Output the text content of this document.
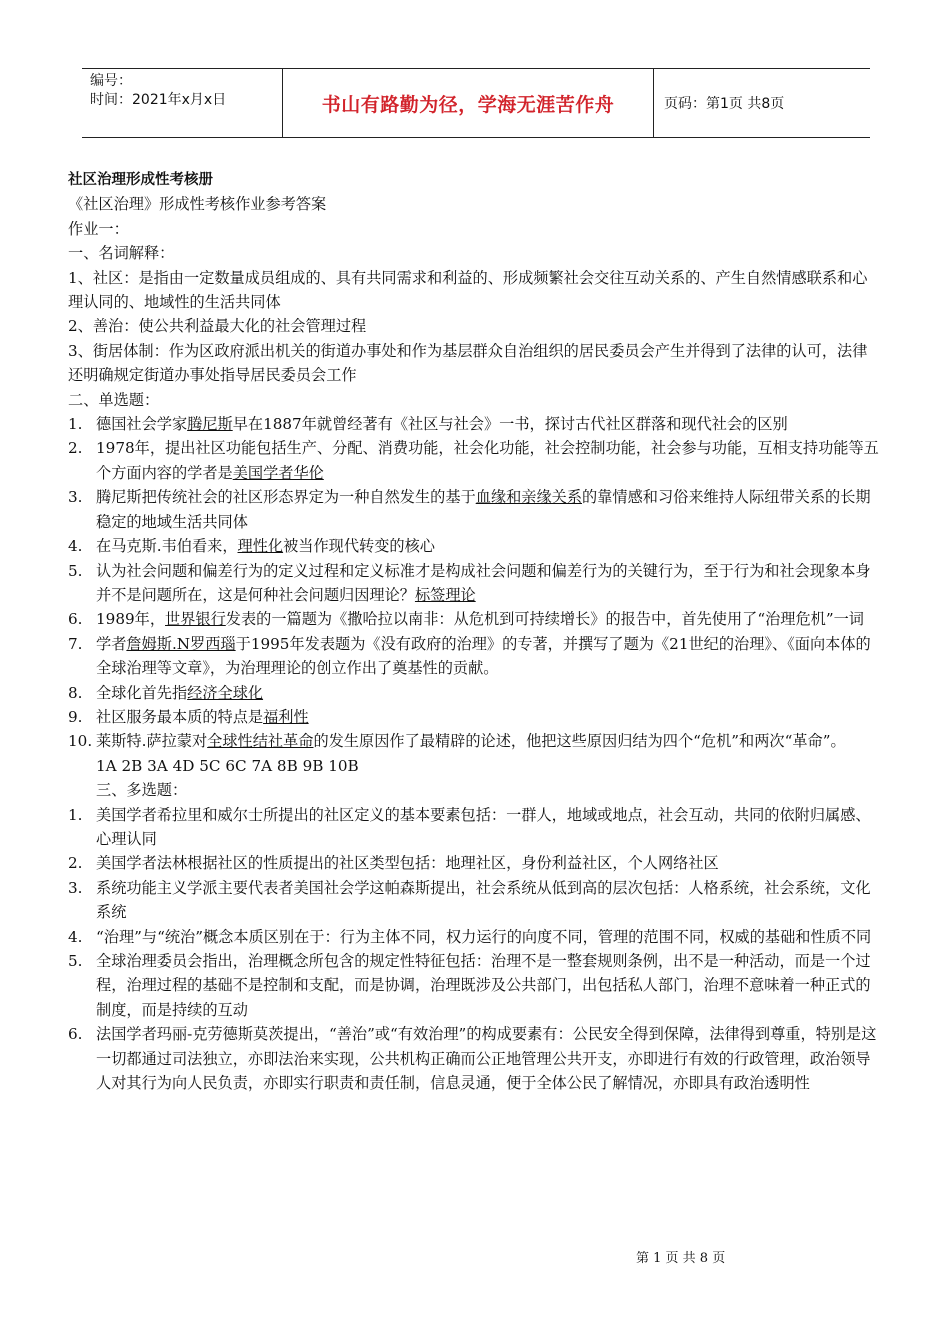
编号：
时间：2021年x月x日	书山有路勤为径，学海无涯苦作舟	页码：第1页 共8页

社区治理形成性考核册

《社区治理》形成性考核作业参考答案

作业一：

一、名词解释：

1、社区：是指由一定数量成员组成的、具有共同需求和利益的、形成频繁社会交往互动关系的、产生自然情感联系和心理认同的、地域性的生活共同体

2、善治：使公共利益最大化的社会管理过程

3、街居体制：作为区政府派出机关的街道办事处和作为基层群众自治组织的居民委员会产生并得到了法律的认可，法律还明确规定街道办事处指导居民委员会工作

二、单选题：

1. 德国社会学家腾尼斯早在1887年就曾经著有《社区与社会》一书，探讨古代社区群落和现代社会的区别
2. 1978年，提出社区功能包括生产、分配、消费功能，社会化功能，社会控制功能，社会参与功能，互相支持功能等五个方面内容的学者是美国学者华伦
3. 腾尼斯把传统社会的社区形态界定为一种自然发生的基于血缘和亲缘关系的靠情感和习俗来维持人际纽带关系的长期稳定的地域生活共同体
4. 在马克斯.韦伯看来，理性化被当作现代转变的核心
5. 认为社会问题和偏差行为的定义过程和定义标准才是构成社会问题和偏差行为的关键行为，至于行为和社会现象本身并不是问题所在，这是何种社会问题归因理论？标签理论
6. 1989年，世界银行发表的一篇题为《撒哈拉以南非：从危机到可持续增长》的报告中，首先使用了“治理危机”一词
7. 学者詹姆斯.N罗西瑙于1995年发表题为《没有政府的治理》的专著，并撰写了题为《21世纪的治理》、《面向本体的全球治理等文章》，为治理理论的创立作出了奠基性的贡献。
8. 全球化首先指经济全球化
9. 社区服务最本质的特点是福利性
10. 莱斯特.萨拉蒙对全球性结社革命的发生原因作了最精辟的论述，他把这些原因归结为四个“危机”和两次“革命”。

1A 2B 3A 4D 5C 6C 7A 8B 9B 10B

三、多选题：

1. 美国学者希拉里和威尔士所提出的社区定义的基本要素包括：一群人，地域或地点，社会互动，共同的依附归属感、心理认同
2. 美国学者法林根据社区的性质提出的社区类型包括：地理社区，身份利益社区，个人网络社区
3. 系统功能主义学派主要代表者美国社会学这帕森斯提出，社会系统从低到高的层次包括：人格系统，社会系统，文化系统
4. “治理”与“统治”概念本质区别在于：行为主体不同，权力运行的向度不同，管理的范围不同，权威的基础和性质不同
5. 全球治理委员会指出，治理概念所包含的规定性特征包括：治理不是一整套规则条例，出不是一种活动，而是一个过程，治理过程的基础不是控制和支配，而是协调，治理既涉及公共部门，出包括私人部门，治理不意味着一种正式的制度，而是持续的互动
6. 法国学者玛丽-克劳德斯莫茨提出，“善治”或“有效治理”的构成要素有：公民安全得到保障，法律得到尊重，特别是这一切都通过司法独立，亦即法治来实现，公共机构正确而公正地管理公共开支，亦即进行有效的行政管理，政治领导人对其行为向人民负责，亦即实行职责和责任制，信息灵通，便于全体公民了解情况，亦即具有政治透明性
第 1 页 共 8 页
